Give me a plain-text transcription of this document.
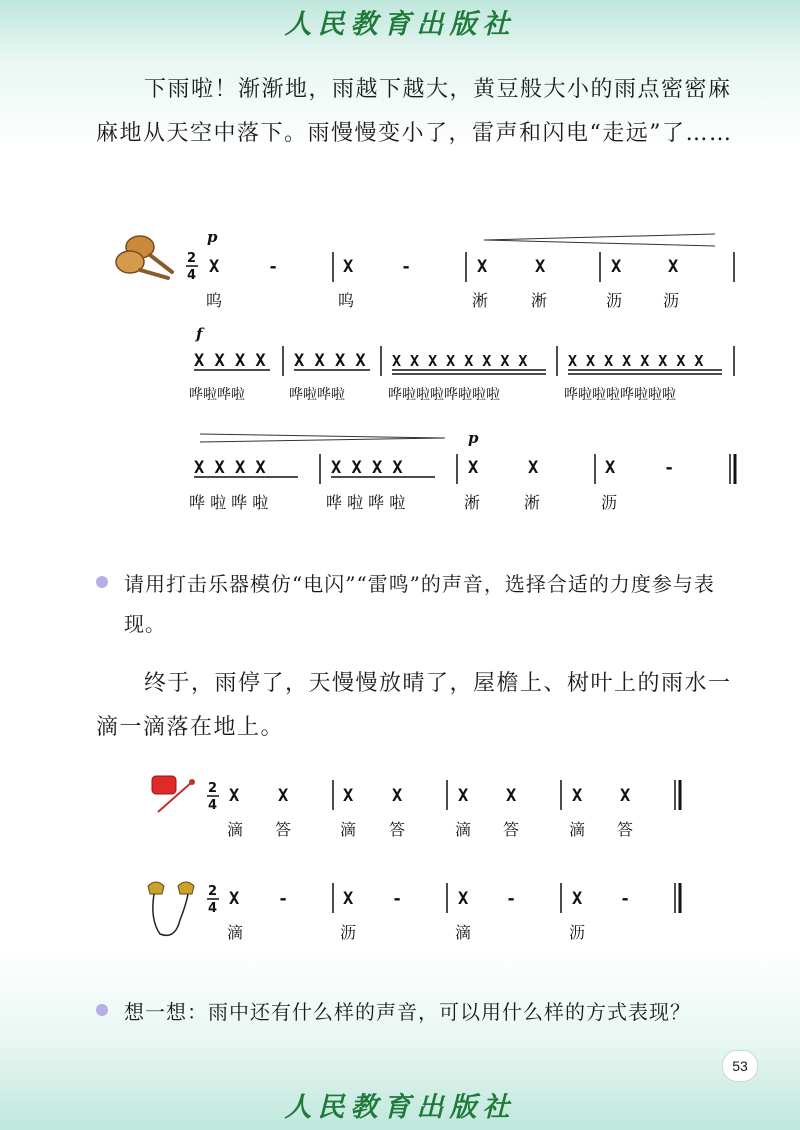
人民教育出版社
下雨啦！渐渐地，雨越下越大，黄豆般大小的雨点密密麻麻地从天空中落下。雨慢慢变小了，雷声和闪电“走远”了……
2
4
p
X	-	X	-	X	X	X	X
呜	呜	淅	淅	沥	沥
f
X X X X X X X X X X X X X X X X	X X X X X X X X
哗啦哗啦	哗啦哗啦	哗啦啦啦哗啦啦啦	哗啦啦啦哗啦啦啦
p
X X X X	X X X X	X	X	X	-
哗 啦 哗 啦	哗 啦 哗 啦	淅	淅	沥
2
4 X X	X X	X X	X X
滴 答	滴 答	滴 答	滴 答
2
4 X -	X -	X -	X -
滴	沥	滴	沥
请用打击乐器模仿“电闪”“雷鸣”的声音，选择合适的力度参与表现。
终于，雨停了，天慢慢放晴了，屋檐上、树叶上的雨水一滴一滴落在地上。
想一想：雨中还有什么样的声音，可以用什么样的方式表现？
53
人民教育出版社
